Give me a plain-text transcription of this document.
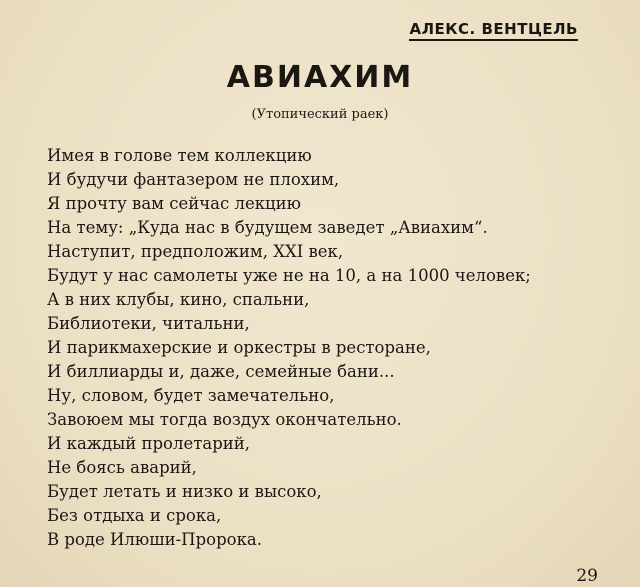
АЛЕКС. ВЕНТЦЕЛЬ
АВИАХИМ
(Утопический раек)
Имея в голове тем коллекцию
И будучи фантазером не плохим,
Я прочту вам сейчас лекцию
На тему: „Куда нас в будущем заведет „Авиахим“.
Наступит, предположим, XXI век,
Будут у нас самолеты уже не на 10, а на 1000 человек;
А в них клубы, кино, спальни,
Библиотеки, читальни,
И парикмахерские и оркестры в ресторане,
И биллиарды и, даже, семейные бани...
Ну, словом, будет замечательно,
Завоюем мы тогда воздух окончательно.
И каждый пролетарий,
Не боясь аварий,
Будет летать и низко и высоко,
Без отдыха и срока,
В роде Илюши-Пророка.
29
